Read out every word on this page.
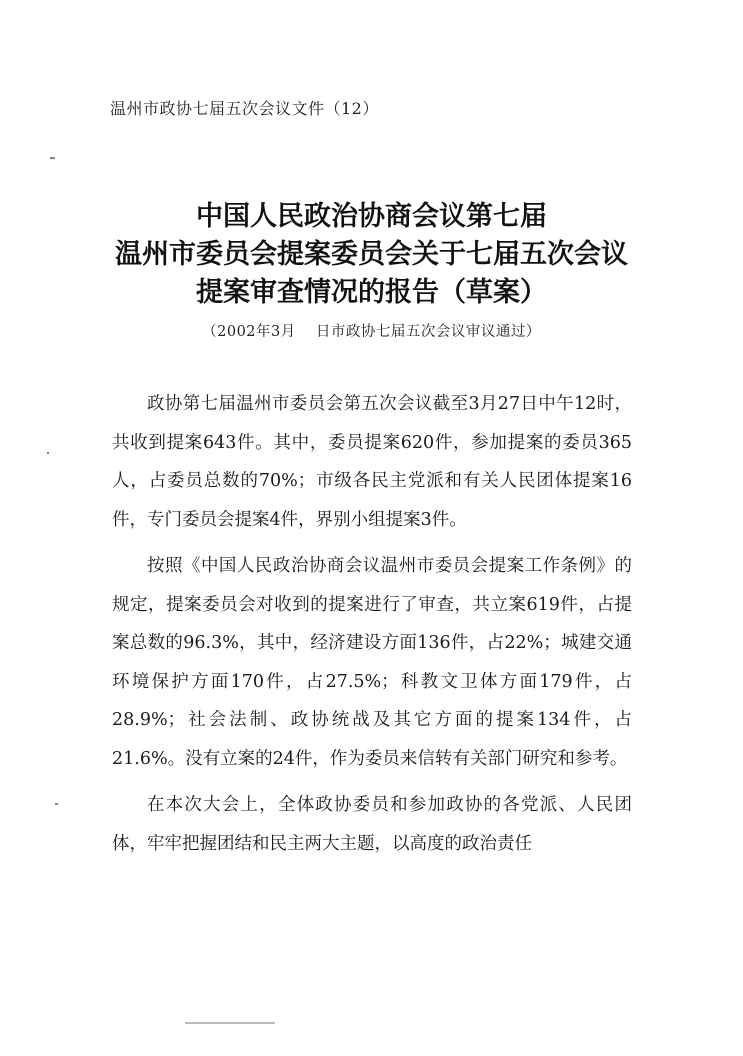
温州市政协七届五次会议文件（12）
中国人民政治协商会议第七届
温州市委员会提案委员会关于七届五次会议
提案审查情况的报告（草案）
（2002年3月　 日市政协七届五次会议审议通过）

政协第七届温州市委员会第五次会议截至3月27日中午12时，共收到提案643件。其中，委员提案620件，参加提案的委员365人，占委员总数的70%；市级各民主党派和有关人民团体提案16件，专门委员会提案4件，界别小组提案3件。

按照《中国人民政治协商会议温州市委员会提案工作条例》的规定，提案委员会对收到的提案进行了审查，共立案619件，占提案总数的96.3%，其中，经济建设方面136件，占22%；城建交通环境保护方面170件，占27.5%；科教文卫体方面179件，占28.9%；社会法制、政协统战及其它方面的提案134件，占21.6%。没有立案的24件，作为委员来信转有关部门研究和参考。

在本次大会上，全体政协委员和参加政协的各党派、人民团体，牢牢把握团结和民主两大主题，以高度的政治责任
